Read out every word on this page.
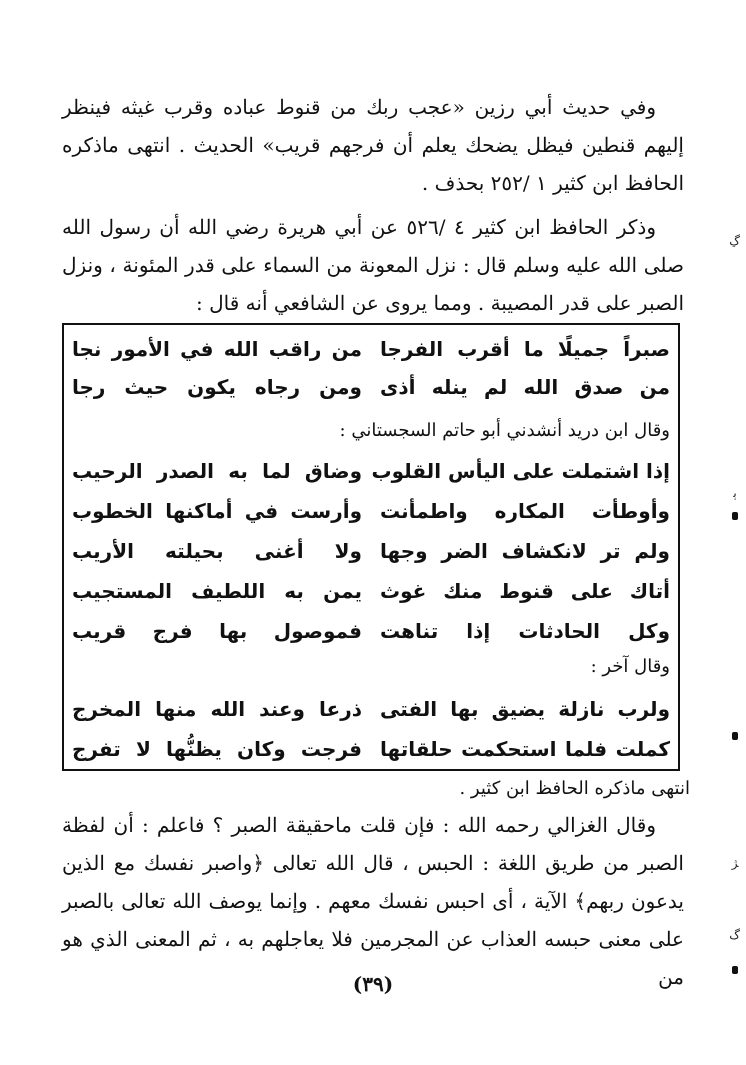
وفي حديث أبي رزين «عجب ربك من قنوط عباده وقرب غيثه فينظر إليهم قنطين فيظل يضحك يعلم أن فرجهم قريب» الحديث . انتهى ماذكره الحافظ ابن كثير ١ /٢٥٢ بحذف .

وذكر الحافظ ابن كثير ٤ /٥٢٦ عن أبي هريرة رضي الله أن رسول الله صلى الله عليه وسلم قال : نزل المعونة من السماء على قدر المئونة ، ونزل الصبر على قدر المصيبة . ومما يروى عن الشافعي أنه قال :

صبراً جميلًا ما أقرب الفرجا
من راقب الله في الأمور نجا
من صدق الله لم ينله أذى
ومن رجاه يكون حيث رجا
وقال ابن دريد أنشدني أبو حاتم السجستاني :
إذا اشتملت على اليأس القلوب
وضاق لما به الصدر الرحيب
وأوطأت المكاره واطمأنت
وأرست في أماكنها الخطوب
ولم تر لانكشاف الضر وجها
ولا أغنى بحيلته الأريب
أتاك على قنوط منك غوث
يمن به اللطيف المستجيب
وكل الحادثات إذا تناهت
فموصول بها فرج قريب
وقال آخر :
ولرب نازلة يضيق بها الفتى
ذرعا وعند الله منها المخرج
كملت فلما استحكمت حلقاتها
فرجت وكان يظنُّها لا تفرج

انتهى ماذكره الحافظ ابن كثير .

وقال الغزالي رحمه الله : فإن قلت ماحقيقة الصبر ؟ فاعلم : أن لفظة الصبر من طريق اللغة : الحبس ، قال الله تعالى ﴿واصبر نفسك مع الذين يدعون ربهم﴾ الآية ، أى احبس نفسك معهم . وإنما يوصف الله تعالى بالصبر على معنى حبسه العذاب عن المجرمين فلا يعاجلهم به ، ثم المعنى الذي هو من

(٣٩)
ڲ
ﯦ
ﮋ
ﮒ
